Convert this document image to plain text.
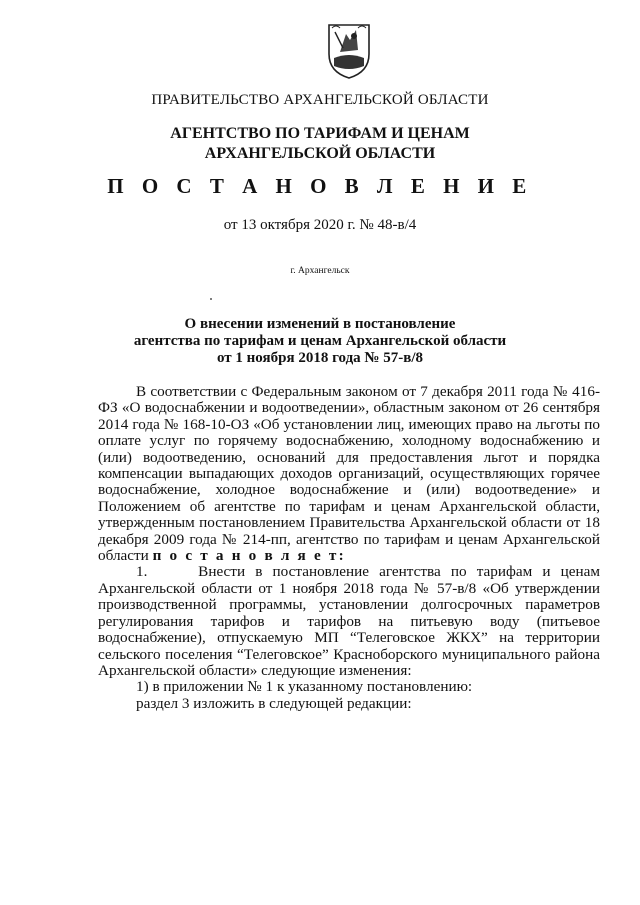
ПРАВИТЕЛЬСТВО АРХАНГЕЛЬСКОЙ ОБЛАСТИ
АГЕНТСТВО ПО ТАРИФАМ И ЦЕНАМ
АРХАНГЕЛЬСКОЙ ОБЛАСТИ
П О С Т А Н О В Л Е Н И Е
от 13 октября 2020 г. № 48-в/4
г. Архангельск
О внесении изменений в постановление
агентства по тарифам и ценам Архангельской области
от 1 ноября 2018 года № 57-в/8

В соответствии с Федеральным законом от 7 декабря 2011 года № 416-ФЗ «О водоснабжении и водоотведении», областным законом от 26 сентября 2014 года № 168-10-ОЗ «Об установлении лиц, имеющих право на льготы по оплате услуг по горячему водоснабжению, холодному водоснабжению и (или) водоотведению, оснований для предоставления льгот и порядка компенсации выпадающих доходов организаций, осуществляющих горячее водоснабжение, холодное водоснабжение и (или) водоотведение» и Положением об агентстве по тарифам и ценам Архангельской области, утвержденным постановлением Правительства Архангельской области от 18 декабря 2009 года № 214-пп, агентство по тарифам и ценам Архангельской области п о с т а н о в л я е т:

1.     Внести в постановление агентства по тарифам и ценам Архангельской области от 1 ноября 2018 года № 57-в/8 «Об утверждении производственной программы, установлении долгосрочных параметров регулирования тарифов и тарифов на питьевую воду (питьевое водоснабжение), отпускаемую МП “Телеговское ЖКХ” на территории сельского поселения “Телеговское” Красноборского муниципального района Архангельской области» следующие изменения:

1) в приложении № 1 к указанному постановлению:

раздел 3 изложить в следующей редакции:
